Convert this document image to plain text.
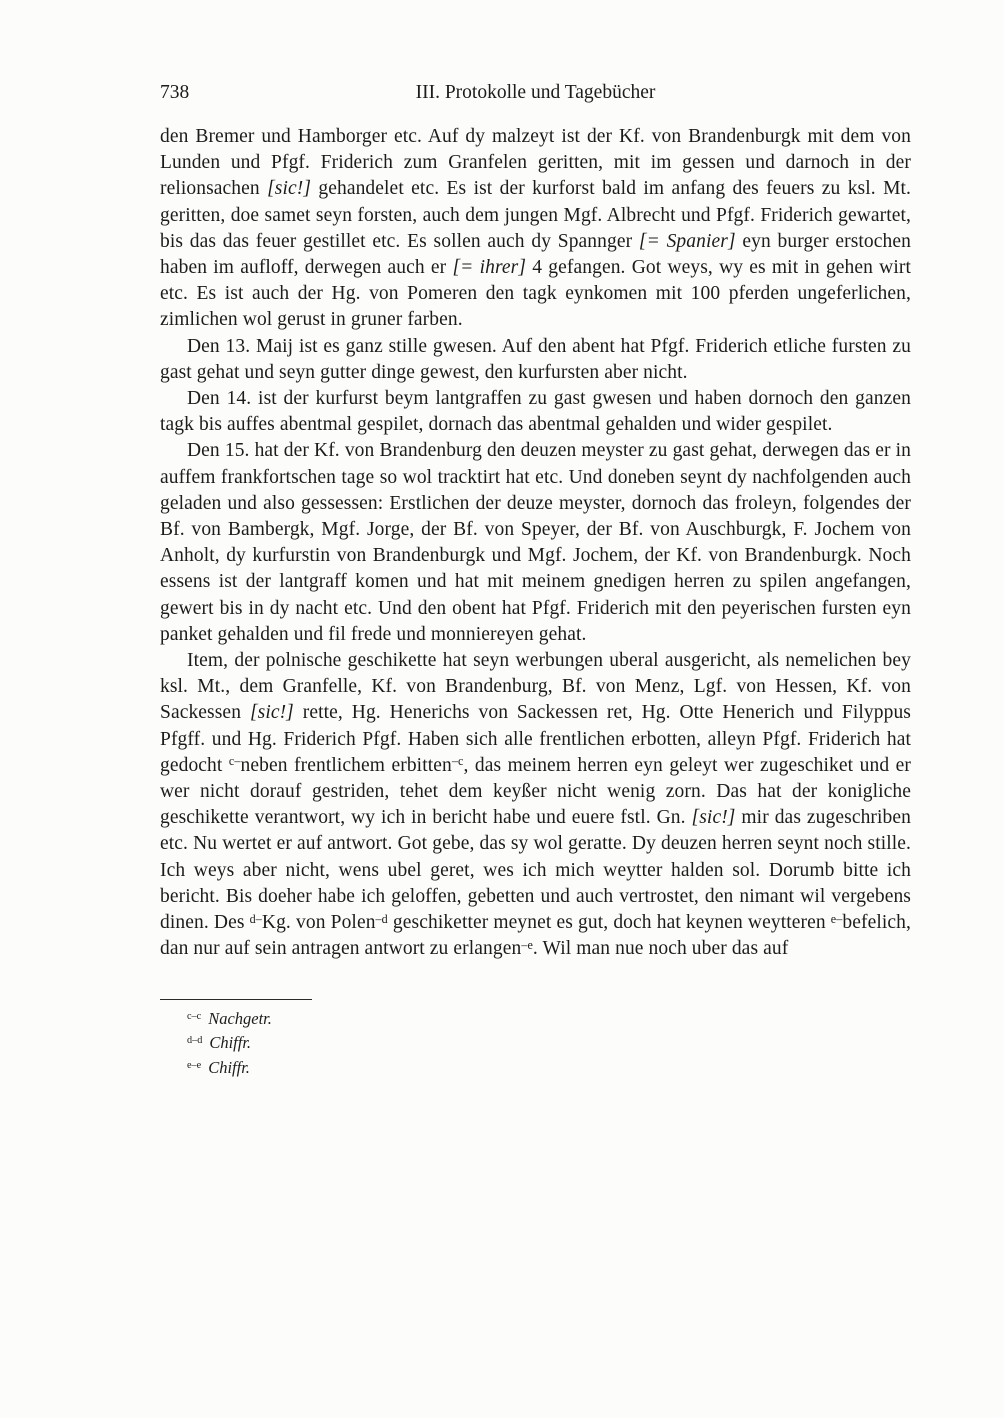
738	III. Protokolle und Tagebücher

den Bremer und Hamborger etc. Auf dy malzeyt ist der Kf. von Brandenburgk mit dem von Lunden und Pfgf. Friderich zum Granfelen geritten, mit im gessen und darnoch in der relionsachen [sic!] gehandelet etc. Es ist der kurforst bald im anfang des feuers zu ksl. Mt. geritten, doe samet seyn forsten, auch dem jungen Mgf. Albrecht und Pfgf. Friderich gewartet, bis das das feuer gestillet etc. Es sollen auch dy Spannger [= Spanier] eyn burger erstochen haben im aufloff, derwegen auch er [= ihrer] 4 gefangen. Got weys, wy es mit in gehen wirt etc. Es ist auch der Hg. von Pomeren den tagk eynkomen mit 100 pferden ungeferlichen, zimlichen wol gerust in gruner farben.

Den 13. Maij ist es ganz stille gwesen. Auf den abent hat Pfgf. Friderich etliche fursten zu gast gehat und seyn gutter dinge gewest, den kurfursten aber nicht.

Den 14. ist der kurfurst beym lantgraffen zu gast gwesen und haben dornoch den ganzen tagk bis auffes abentmal gespilet, dornach das abentmal gehalden und wider gespilet.

Den 15. hat der Kf. von Brandenburg den deuzen meyster zu gast gehat, derwegen das er in auffem frankfortschen tage so wol tracktirt hat etc. Und doneben seynt dy nachfolgenden auch geladen und also gessessen: Erstlichen der deuze meyster, dornoch das froleyn, folgendes der Bf. von Bambergk, Mgf. Jorge, der Bf. von Speyer, der Bf. von Auschburgk, F. Jochem von Anholt, dy kurfurstin von Brandenburgk und Mgf. Jochem, der Kf. von Brandenburgk. Noch essens ist der lantgraff komen und hat mit meinem gnedigen herren zu spilen angefangen, gewert bis in dy nacht etc. Und den obent hat Pfgf. Friderich mit den peyerischen fursten eyn panket gehalden und fil frede und monniereyen gehat.

Item, der polnische geschikette hat seyn werbungen uberal ausgericht, als nemelichen bey ksl. Mt., dem Granfelle, Kf. von Brandenburg, Bf. von Menz, Lgf. von Hessen, Kf. von Sackessen [sic!] rette, Hg. Henerichs von Sackessen ret, Hg. Otte Henerich und Filyppus Pfgff. und Hg. Friderich Pfgf. Haben sich alle frentlichen erbotten, alleyn Pfgf. Friderich hat gedocht $^{c-}$neben frentlichem erbitten$^{-c}$, das meinem herren eyn geleyt wer zugeschiket und er wer nicht dorauf gestriden, tehet dem keyßer nicht wenig zorn. Das hat der konigliche geschikette verantwort, wy ich in bericht habe und euere fstl. Gn. [sic!] mir das zugeschriben etc. Nu wertet er auf antwort. Got gebe, das sy wol geratte. Dy deuzen herren seynt noch stille. Ich weys aber nicht, wens ubel geret, wes ich mich weytter halden sol. Dorumb bitte ich bericht. Bis doeher habe ich geloffen, gebetten und auch vertrostet, den nimant wil vergebens dinen. Des $^{d-}$Kg. von Polen$^{-d}$ geschiketter meynet es gut, doch hat keynen weytteren $^{e-}$befelich, dan nur auf sein antragen antwort zu erlangen$^{-e}$. Wil man nue noch uber das auf

$^{c-c}$ Nachgetr.
$^{d-d}$ Chiffr.
$^{e-e}$ Chiffr.
